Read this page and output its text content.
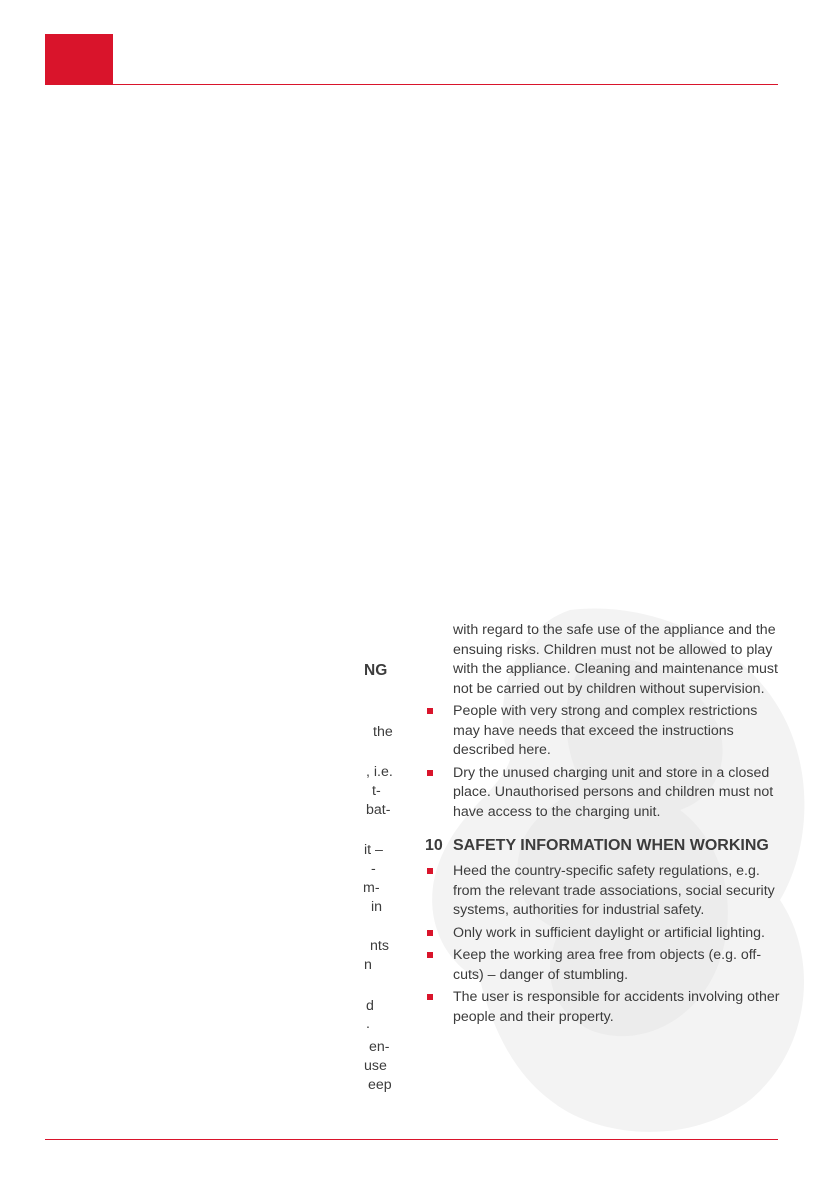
NG
the
, i.e.
t-
bat-
it –
-
m-
in
nts
n
d
.
en-
use
eep

with regard to the safe use of the appliance and the ensuing risks. Children must not be allowed to play with the appliance. Cleaning and maintenance must not be carried out by children without supervision.

People with very strong and complex restrictions may have needs that exceed the instructions described here.
Dry the unused charging unit and store in a closed place. Unauthorised persons and children must not have access to the charging unit.
10 SAFETY INFORMATION WHEN WORKING
Heed the country-specific safety regulations, e.g. from the relevant trade associations, social security systems, authorities for industrial safety.
Only work in sufficient daylight or artificial lighting.
Keep the working area free from objects (e.g. off-cuts) – danger of stumbling.
The user is responsible for accidents involving other people and their property.
